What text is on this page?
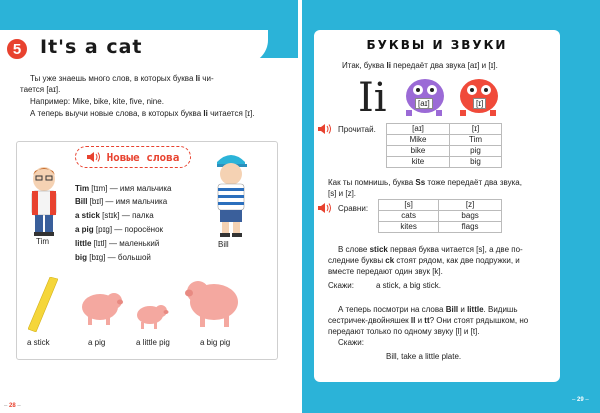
5 It's a cat
Ты уже знаешь много слов, в которых буква Ii чи-
тается [aɪ].
Например: Mike, bike, kite, five, nine.
А теперь выучи новые слова, в которых буква Ii читается [ɪ].
Новые слова
Tim [tɪm] — имя мальчика
Bill [bɪl] — имя мальчика
a stick [stɪk] — палка
a pig [pɪg] — поросёнок
little [lɪtl] — маленький
big [bɪg] — большой
Tim	Bill
a stick	a pig	a little pig	a big pig
– 28 –
БУКВЫ И ЗВУКИ
Итак, буква Ii передаёт два звука [aɪ] и [ɪ].
Ii	[aɪ]	[ɪ]
Прочитай.	[aɪ]	[ɪ]
Mike	Tim
bike	pig
kite	big
Как ты помнишь, буква Ss тоже передаёт два звука,
[s] и [z].
Сравни:	[s]	[z]
cats	bags
kites	flags
В слове stick первая буква читается [s], а две по-
следние буквы ck стоят рядом, как две подружки, и
вместе передают один звук [k].
Скажи:	a stick, a big stick.
А теперь посмотри на слова Bill и little. Видишь
сестричек-двойняшек ll и tt? Они стоят рядышком, но
передают только по одному звуку [l] и [t].
Скажи:
Bill, take a little plate.
– 29 –
